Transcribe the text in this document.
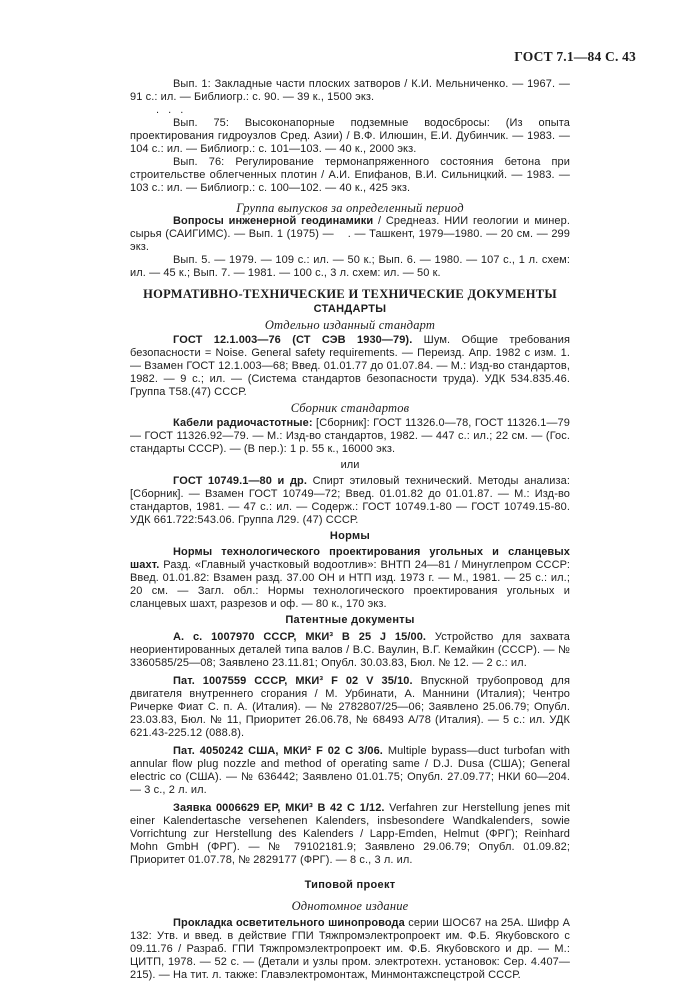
ГОСТ 7.1—84 С. 43

Вып. 1: Закладные части плоских затворов / К.И. Мельниченко. — 1967. — 91 с.: ил. — Библиогр.: с. 90. — 39 к., 1500 экз.

. . .

Вып. 75: Высоконапорные подземные водосбросы: (Из опыта проектирования гидроузлов Сред. Азии) / В.Ф. Илюшин, Е.И. Дубинчик. — 1983. — 104 с.: ил. — Библиогр.: с. 101—103. — 40 к., 2000 экз.

Вып. 76: Регулирование термонапряженного состояния бетона при строительстве облегченных плотин / А.И. Епифанов, В.И. Сильницкий. — 1983. — 103 с.: ил. — Библиогр.: с. 100—102. — 40 к., 425 экз.

Группа выпусков за определенный период

Вопросы инженерной геодинамики / Среднеаз. НИИ геологии и минер. сырья (САИГИМС). — Вып. 1 (1975) —    . — Ташкент, 1979—1980. — 20 см. — 299 экз.

Вып. 5. — 1979. — 109 с.: ил. — 50 к.; Вып. 6. — 1980. — 107 с., 1 л. схем: ил. — 45 к.; Вып. 7. — 1981. — 100 с., 3 л. схем: ил. — 50 к.

НОРМАТИВНО-ТЕХНИЧЕСКИЕ И ТЕХНИЧЕСКИЕ ДОКУМЕНТЫ
СТАНДАРТЫ
Отдельно изданный стандарт

ГОСТ 12.1.003—76 (СТ СЭВ 1930—79). Шум. Общие требования безопасности = Noise. General safety requirements. — Переизд. Апр. 1982 с изм. 1. — Взамен ГОСТ 12.1.003—68; Введ. 01.01.77 до 01.07.84. — М.: Изд-во стандартов, 1982. — 9 с.; ил. — (Система стандартов безопасности труда). УДК 534.835.46. Группа Т58.(47) СССР.

Сборник стандартов

Кабели радиочастотные: [Сборник]: ГОСТ 11326.0—78, ГОСТ 11326.1—79 — ГОСТ 11326.92—79. — М.: Изд-во стандартов, 1982. — 447 с.: ил.; 22 см. — (Гос. стандарты СССР). — (В пер.): 1 р. 55 к., 16000 экз.

или

ГОСТ 10749.1—80 и др. Спирт этиловый технический. Методы анализа: [Сборник]. — Взамен ГОСТ 10749—72; Введ. 01.01.82 до 01.01.87. — М.: Изд-во стандартов, 1981. — 47 с.: ил. — Содерж.: ГОСТ 10749.1-80 — ГОСТ 10749.15-80. УДК 661.722:543.06. Группа Л29. (47) СССР.

Нормы

Нормы технологического проектирования угольных и сланцевых шахт. Разд. «Главный участковый водоотлив»: ВНТП 24—81 / Минуглепром СССР: Введ. 01.01.82: Взамен разд. 37.00 ОН и НТП изд. 1973 г. — М., 1981. — 25 с.: ил.; 20 см. — Загл. обл.: Нормы технологического проектирования угольных и сланцевых шахт, разрезов и оф. — 80 к., 170 экз.

Патентные документы

А. с. 1007970 СССР, МКИ³ В 25 J 15/00. Устройство для захвата неориентированных деталей типа валов / В.С. Ваулин, В.Г. Кемайкин (СССР). — № 3360585/25—08; Заявлено 23.11.81; Опубл. 30.03.83, Бюл. № 12. — 2 с.: ил.

Пат. 1007559 СССР, МКИ³ F 02 V 35/10. Впускной трубопровод для двигателя внутреннего сгорания / М. Урбинати, А. Маннини (Италия); Чентро Ричерке Фиат С. п. А. (Италия). — № 2782807/25—06; Заявлено 25.06.79; Опубл. 23.03.83, Бюл. № 11, Приоритет 26.06.78, № 68493 А/78 (Италия). — 5 с.: ил. УДК 621.43-225.12 (088.8).

Пат. 4050242 США, МКИ² F 02 C 3/06. Multiple bypass—duct turbofan with annular flow plug nozzle and method of operating same / D.J. Dusa (США); General electric co (США). — № 636442; Заявлено 01.01.75; Опубл. 27.09.77; НКИ 60—204. — 3 с., 2 л. ил.

Заявка 0006629 ЕР, МКИ³ В 42 С 1/12. Verfahren zur Herstellung jenes mit einer Kalendertasche versehenen Kalenders, insbesondere Wandkalenders, sowie Vorrichtung zur Herstellung des Kalenders / Lapp-Emden, Helmut (ФРГ); Reinhard Mohn GmbH (ФРГ). — № 79102181.9; Заявлено 29.06.79; Опубл. 01.09.82; Приоритет 01.07.78, № 2829177 (ФРГ). — 8 с., 3 л. ил.

Типовой проект
Однотомное издание

Прокладка осветительного шинопровода серии ШОС67 на 25А. Шифр А 132: Утв. и введ. в действие ГПИ Тяжпромэлектропроект им. Ф.Б. Якубовского с 09.11.76 / Разраб. ГПИ Тяжпромэлектропроект им. Ф.Б. Якубовского и др. — М.: ЦИТП, 1978. — 52 с. — (Детали и узлы пром. электротехн. установок: Сер. 4.407—215). — На тит. л. также: Главэлектромонтаж, Минмонтажспецстрой СССР.
